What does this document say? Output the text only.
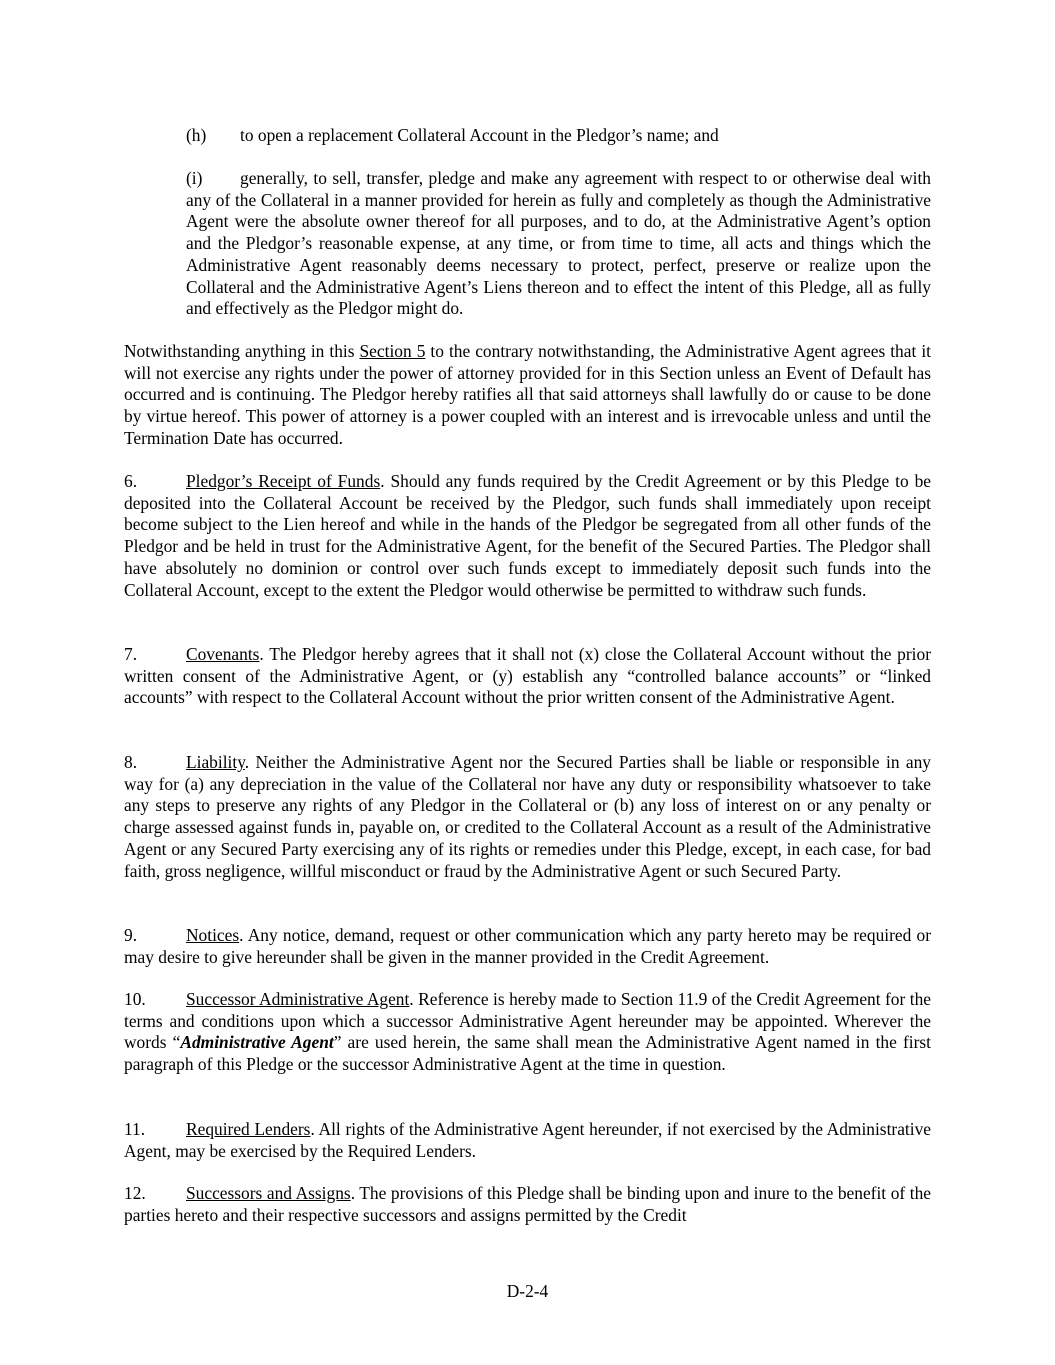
(h) to open a replacement Collateral Account in the Pledgor’s name; and

(i) generally, to sell, transfer, pledge and make any agreement with respect to or otherwise deal with any of the Collateral in a manner provided for herein as fully and completely as though the Administrative Agent were the absolute owner thereof for all purposes, and to do, at the Administrative Agent’s option and the Pledgor’s reasonable expense, at any time, or from time to time, all acts and things which the Administrative Agent reasonably deems necessary to protect, perfect, preserve or realize upon the Collateral and the Administrative Agent’s Liens thereon and to effect the intent of this Pledge, all as fully and effectively as the Pledgor might do.

Notwithstanding anything in this Section 5 to the contrary notwithstanding, the Administrative Agent agrees that it will not exercise any rights under the power of attorney provided for in this Section unless an Event of Default has occurred and is continuing. The Pledgor hereby ratifies all that said attorneys shall lawfully do or cause to be done by virtue hereof. This power of attorney is a power coupled with an interest and is irrevocable unless and until the Termination Date has occurred.

6.	Pledgor’s Receipt of Funds. Should any funds required by the Credit Agreement or by this Pledge to be deposited into the Collateral Account be received by the Pledgor, such funds shall immediately upon receipt become subject to the Lien hereof and while in the hands of the Pledgor be segregated from all other funds of the Pledgor and be held in trust for the Administrative Agent, for the benefit of the Secured Parties. The Pledgor shall have absolutely no dominion or control over such funds except to immediately deposit such funds into the Collateral Account, except to the extent the Pledgor would otherwise be permitted to withdraw such funds.

7.	Covenants. The Pledgor hereby agrees that it shall not (x) close the Collateral Account without the prior written consent of the Administrative Agent, or (y) establish any “controlled balance accounts” or “linked accounts” with respect to the Collateral Account without the prior written consent of the Administrative Agent.

8.	Liability. Neither the Administrative Agent nor the Secured Parties shall be liable or responsible in any way for (a) any depreciation in the value of the Collateral nor have any duty or responsibility whatsoever to take any steps to preserve any rights of any Pledgor in the Collateral or (b) any loss of interest on or any penalty or charge assessed against funds in, payable on, or credited to the Collateral Account as a result of the Administrative Agent or any Secured Party exercising any of its rights or remedies under this Pledge, except, in each case, for bad faith, gross negligence, willful misconduct or fraud by the Administrative Agent or such Secured Party.

9.	Notices. Any notice, demand, request or other communication which any party hereto may be required or may desire to give hereunder shall be given in the manner provided in the Credit Agreement.

10. Successor Administrative Agent. Reference is hereby made to Section 11.9 of the Credit Agreement for the terms and conditions upon which a successor Administrative Agent hereunder may be appointed. Wherever the words “Administrative Agent” are used herein, the same shall mean the Administrative Agent named in the first paragraph of this Pledge or the successor Administrative Agent at the time in question.

11. Required Lenders. All rights of the Administrative Agent hereunder, if not exercised by the Administrative Agent, may be exercised by the Required Lenders.

12. Successors and Assigns. The provisions of this Pledge shall be binding upon and inure to the benefit of the parties hereto and their respective successors and assigns permitted by the Credit

D-2-4
